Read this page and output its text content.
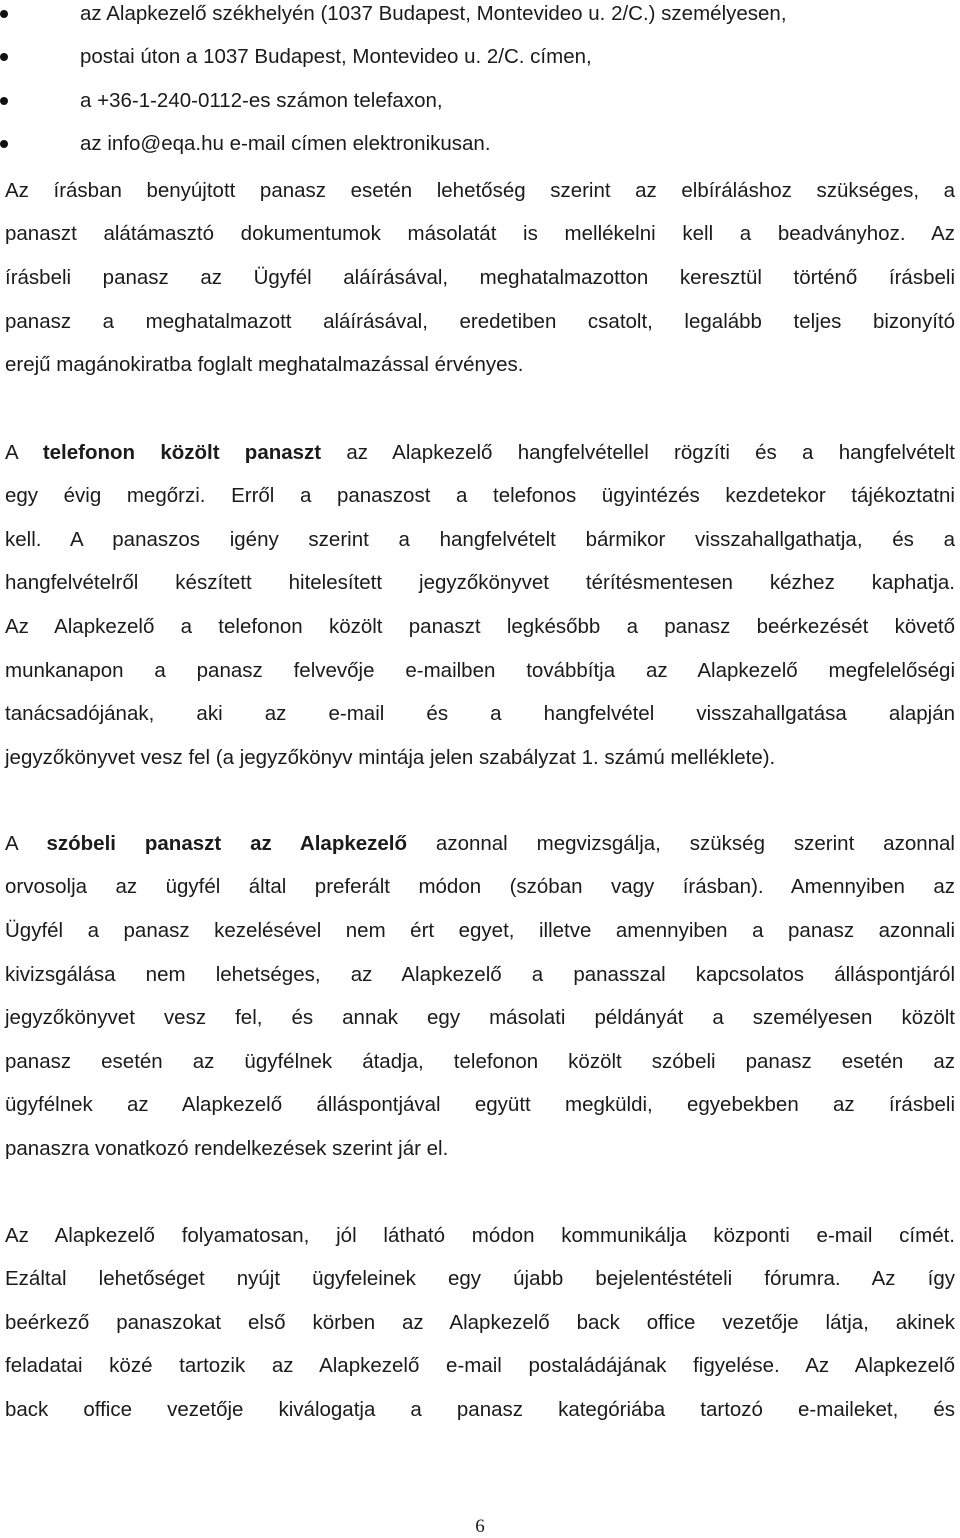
az Alapkezelő székhelyén (1037 Budapest, Montevideo u. 2/C.) személyesen,
postai úton a 1037 Budapest, Montevideo u. 2/C. címen,
a +36-1-240-0112-es számon telefaxon,
az info@eqa.hu e-mail címen elektronikusan.

Az írásban benyújtott panasz esetén lehetőség szerint az elbíráláshoz szükséges, a

panaszt alátámasztó dokumentumok másolatát is mellékelni kell a beadványhoz. Az

írásbeli panasz az Ügyfél aláírásával, meghatalmazotton keresztül történő írásbeli

panasz a meghatalmazott aláírásával, eredetiben csatolt, legalább teljes bizonyító

erejű magánokiratba foglalt meghatalmazással érvényes.

A telefonon közölt panaszt az Alapkezelő hangfelvétellel rögzíti és a hangfelvételt

egy évig megőrzi. Erről a panaszost a telefonos ügyintézés kezdetekor tájékoztatni

kell. A panaszos igény szerint a hangfelvételt bármikor visszahallgathatja, és a

hangfelvételről készített hitelesített jegyzőkönyvet térítésmentesen kézhez kaphatja.

Az Alapkezelő a telefonon közölt panaszt legkésőbb a panasz beérkezését követő

munkanapon a panasz felvevője e-mailben továbbítja az Alapkezelő megfelelőségi

tanácsadójának, aki az e-mail és a hangfelvétel visszahallgatása alapján

jegyzőkönyvet vesz fel (a jegyzőkönyv mintája jelen szabályzat 1. számú melléklete).

A szóbeli panaszt az Alapkezelő azonnal megvizsgálja, szükség szerint azonnal

orvosolja az ügyfél által preferált módon (szóban vagy írásban). Amennyiben az

Ügyfél a panasz kezelésével nem ért egyet, illetve amennyiben a panasz azonnali

kivizsgálása nem lehetséges, az Alapkezelő a panasszal kapcsolatos álláspontjáról

jegyzőkönyvet vesz fel, és annak egy másolati példányát a személyesen közölt

panasz esetén az ügyfélnek átadja, telefonon közölt szóbeli panasz esetén az

ügyfélnek az Alapkezelő álláspontjával együtt megküldi, egyebekben az írásbeli

panaszra vonatkozó rendelkezések szerint jár el.

Az Alapkezelő folyamatosan, jól látható módon kommunikálja központi e-mail címét.

Ezáltal lehetőséget nyújt ügyfeleinek egy újabb bejelentéstételi fórumra. Az így

beérkező panaszokat első körben az Alapkezelő back office vezetője látja, akinek

feladatai közé tartozik az Alapkezelő e-mail postaládájának figyelése. Az Alapkezelő

back office vezetője kiválogatja a panasz kategóriába tartozó e-maileket, és

6
